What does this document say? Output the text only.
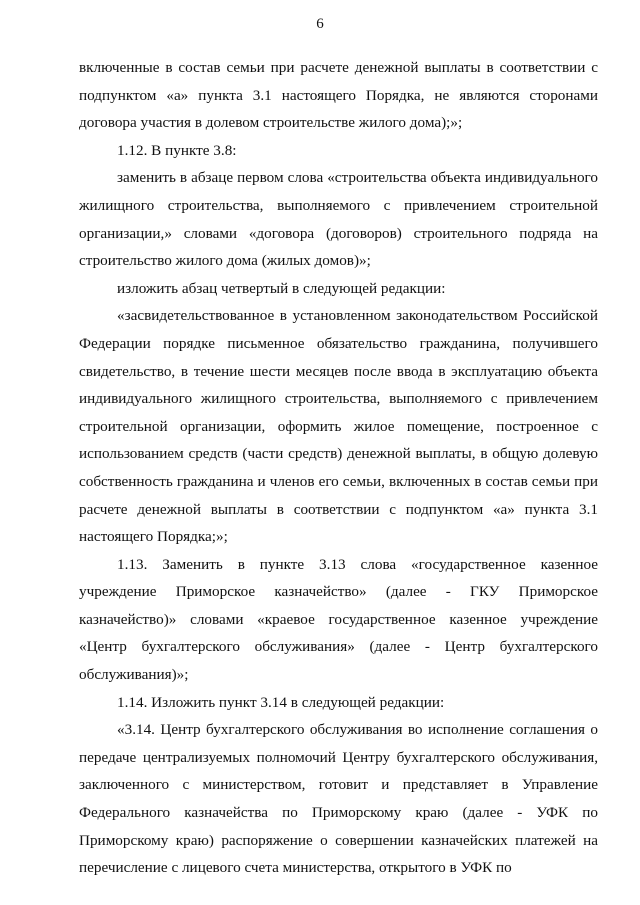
6

включенные в состав семьи при расчете денежной выплаты в соответствии с подпунктом «а» пункта 3.1 настоящего Порядка, не являются сторонами договора участия в долевом строительстве жилого дома);»;

1.12. В пункте 3.8:

заменить в абзаце первом слова «строительства объекта индивидуального жилищного строительства, выполняемого с привлечением строительной организации,» словами «договора (договоров) строительного подряда на строительство жилого дома (жилых домов)»;

изложить абзац четвертый в следующей редакции:

«засвидетельствованное в установленном законодательством Российской Федерации порядке письменное обязательство гражданина, получившего свидетельство, в течение шести месяцев после ввода в эксплуатацию объекта индивидуального жилищного строительства, выполняемого с привлечением строительной организации, оформить жилое помещение, построенное с использованием средств (части средств) денежной выплаты, в общую долевую собственность гражданина и членов его семьи, включенных в состав семьи при расчете денежной выплаты в соответствии с подпунктом «а» пункта 3.1 настоящего Порядка;»;

1.13. Заменить в пункте 3.13 слова «государственное казенное учреждение Приморское казначейство» (далее - ГКУ Приморское казначейство)» словами «краевое государственное казенное учреждение «Центр бухгалтерского обслуживания» (далее - Центр бухгалтерского обслуживания)»;

1.14. Изложить пункт 3.14 в следующей редакции:

«3.14. Центр бухгалтерского обслуживания во исполнение соглашения о передаче централизуемых полномочий Центру бухгалтерского обслуживания, заключенного с министерством, готовит и представляет в Управление Федерального казначейства по Приморскому краю (далее - УФК по Приморскому краю) распоряжение о совершении казначейских платежей на перечисление с лицевого счета министерства, открытого в УФК по
